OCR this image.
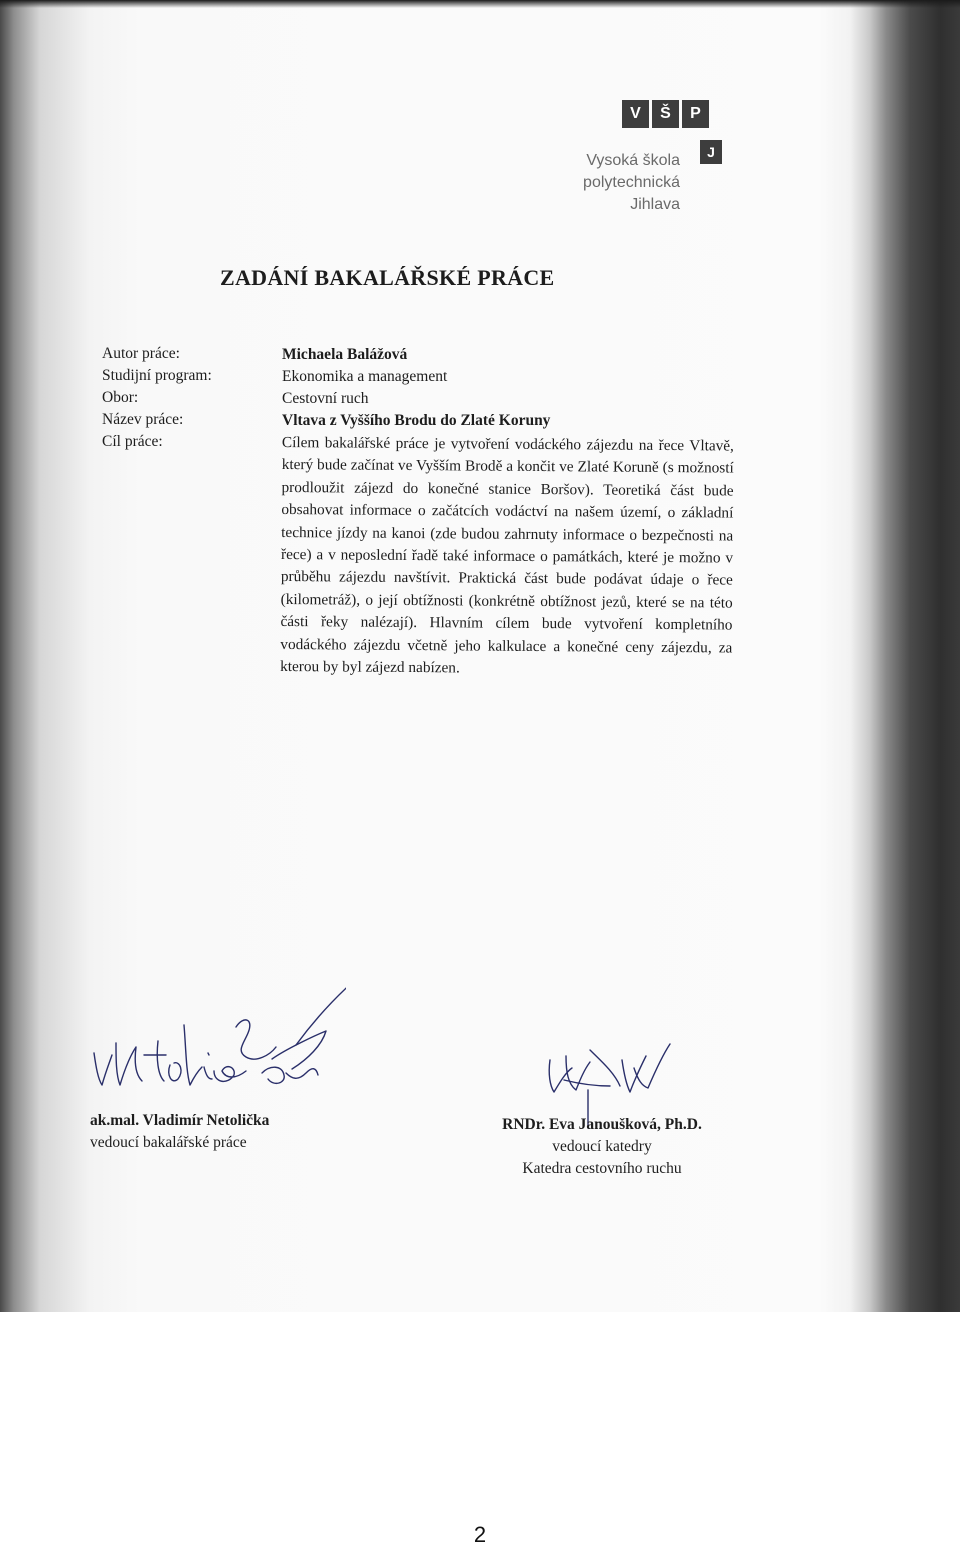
V	Š	P
J
Vysoká škola
polytechnická
Jihlava
ZADÁNÍ BAKALÁŘSKÉ PRÁCE
Autor práce:
Studijní program:
Obor:
Název práce:
Cíl práce:
Michaela Balážová
Ekonomika a management
Cestovní ruch
Vltava z Vyššího Brodu do Zlaté Koruny
Cílem bakalářské práce je vytvoření vodáckého zájezdu na řece Vltavě, který bude začínat ve Vyšším Brodě a končit ve Zlaté Koruně (s možností prodloužit zájezd do konečné stanice Boršov). Teoretiká část bude obsahovat informace o začátcích vodáctví na našem území, o základní technice jízdy na kanoi (zde budou zahrnuty informace o bezpečnosti na řece) a v neposlední řadě také informace o památkách, které je možno v průběhu zájezdu navštívit. Praktická část bude podávat údaje o řece (kilometráž), o její obtížnosti (konkrétně obtížnost jezů, které se na této části řeky nalézají). Hlavním cílem bude vytvoření kompletního vodáckého zájezdu včetně jeho kalkulace a konečné ceny zájezdu, za kterou by byl zájezd nabízen.
ak.mal. Vladimír Netolička
vedoucí bakalářské práce
RNDr. Eva Janoušková, Ph.D.
vedoucí katedry
Katedra cestovního ruchu
2
